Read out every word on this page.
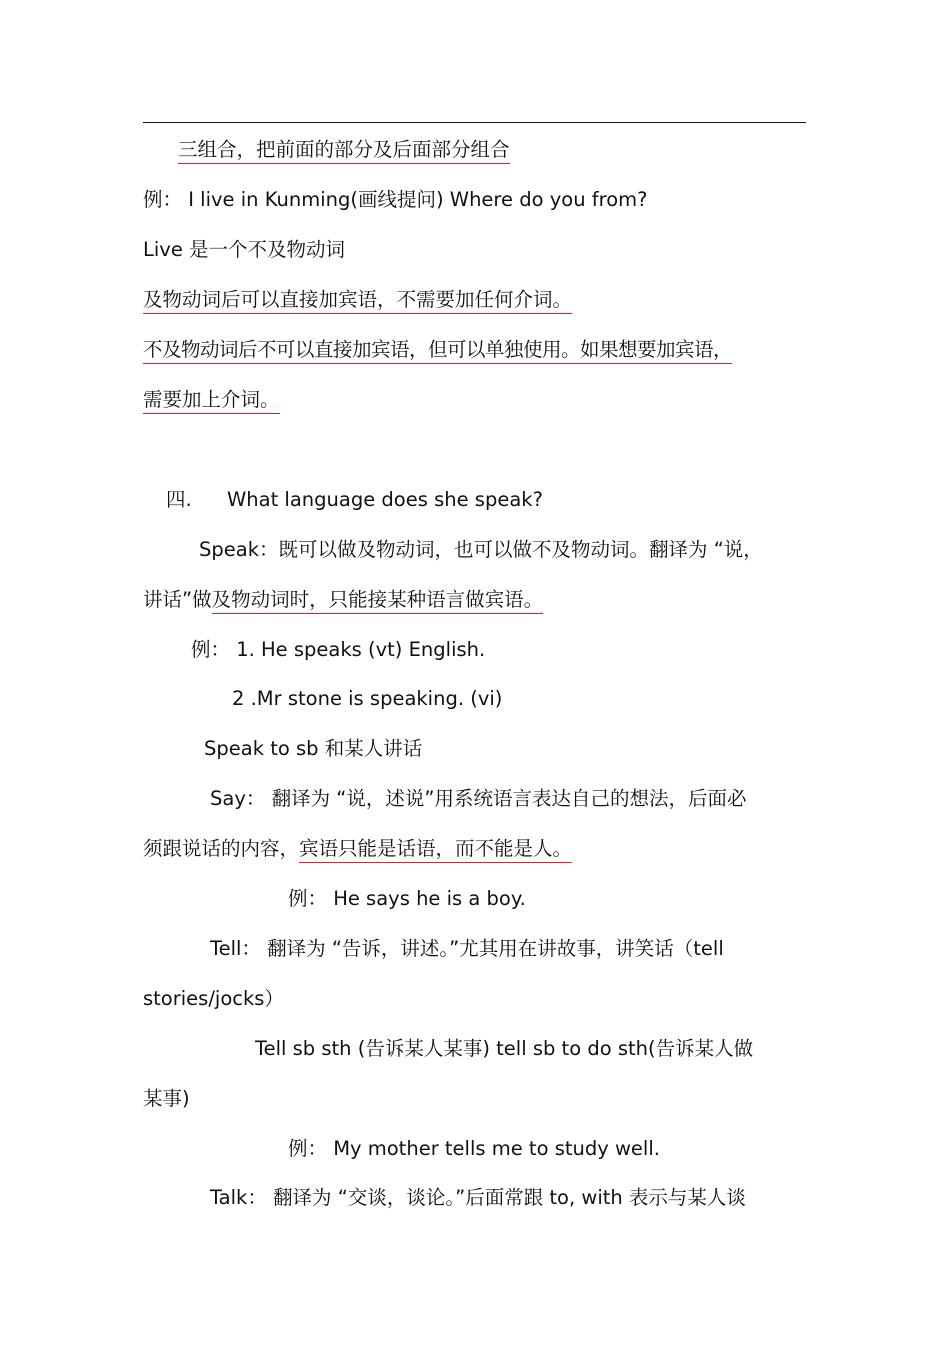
三组合，把前面的部分及后面部分组合
例： I live in Kunming(画线提问) Where do you from?
Live 是一个不及物动词
及物动词后可以直接加宾语，不需要加任何介词。
不及物动词后不可以直接加宾语，但可以单独使用。如果想要加宾语，
需要加上介词。
四. What language does she speak?
Speak：既可以做及物动词，也可以做不及物动词。翻译为 “说，
讲话”做及物动词时，只能接某种语言做宾语。
例： 1. He speaks (vt) English.
2 .Mr stone is speaking. (vi)
Speak to sb 和某人讲话
Say： 翻译为 “说，述说”用系统语言表达自己的想法，后面必
须跟说话的内容，宾语只能是话语，而不能是人。
例： He says he is a boy.
Tell： 翻译为 “告诉，讲述。”尤其用在讲故事，讲笑话（tell
stories/jocks）
Tell sb sth (告诉某人某事) tell sb to do sth(告诉某人做
某事)
例： My mother tells me to study well.
Talk： 翻译为 “交谈，谈论。”后面常跟 to, with 表示与某人谈
